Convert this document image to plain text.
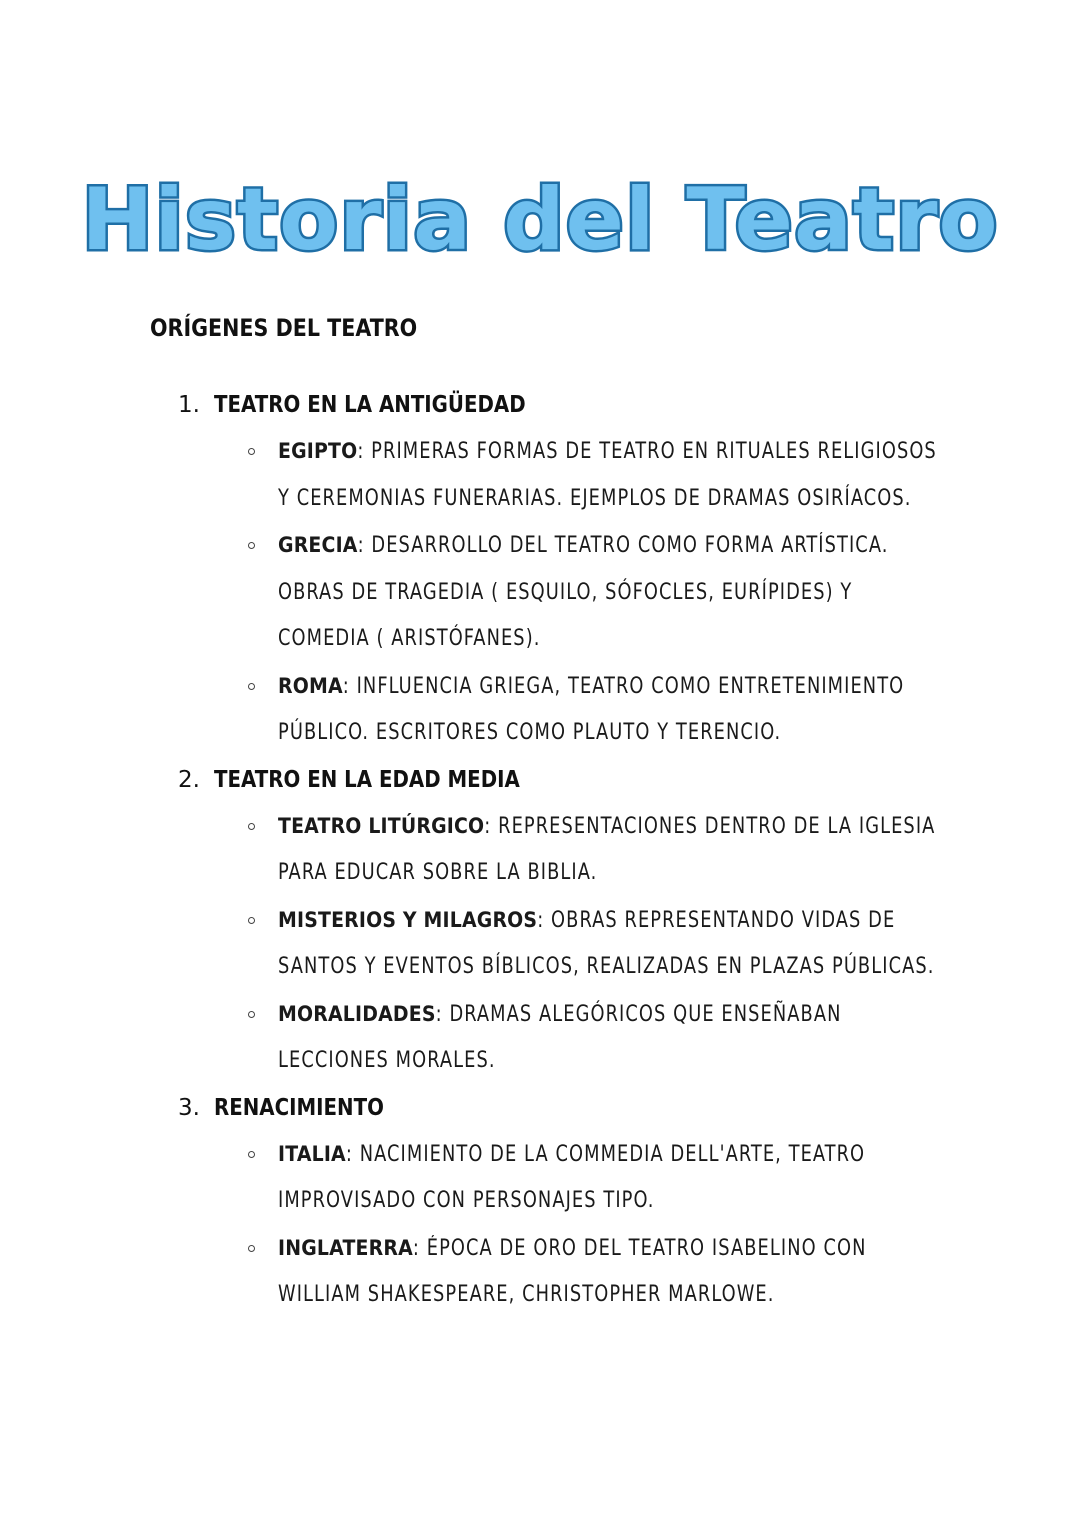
Historia del Teatro
ORÍGENES DEL TEATRO
1. TEATRO EN LA ANTIGÜEDAD
EGIPTO: PRIMERAS FORMAS DE TEATRO EN RITUALES RELIGIOSOS Y CEREMONIAS FUNERARIAS. EJEMPLOS DE DRAMAS OSIRÍACOS.
GRECIA: DESARROLLO DEL TEATRO COMO FORMA ARTÍSTICA. OBRAS DE TRAGEDIA ( ESQUILO, SÓFOCLES, EURÍPIDES) Y COMEDIA ( ARISTÓFANES).
ROMA: INFLUENCIA GRIEGA, TEATRO COMO ENTRETENIMIENTO PÚBLICO. ESCRITORES COMO PLAUTO Y TERENCIO.
2. TEATRO EN LA EDAD MEDIA
TEATRO LITÚRGICO: REPRESENTACIONES DENTRO DE LA IGLESIA PARA EDUCAR SOBRE LA BIBLIA.
MISTERIOS Y MILAGROS: OBRAS REPRESENTANDO VIDAS DE SANTOS Y EVENTOS BÍBLICOS, REALIZADAS EN PLAZAS PÚBLICAS.
MORALIDADES: DRAMAS ALEGÓRICOS QUE ENSEÑABAN LECCIONES MORALES.
3. RENACIMIENTO
ITALIA: NACIMIENTO DE LA COMMEDIA DELL'ARTE, TEATRO IMPROVISADO CON PERSONAJES TIPO.
INGLATERRA: ÉPOCA DE ORO DEL TEATRO ISABELINO CON WILLIAM SHAKESPEARE, CHRISTOPHER MARLOWE.
